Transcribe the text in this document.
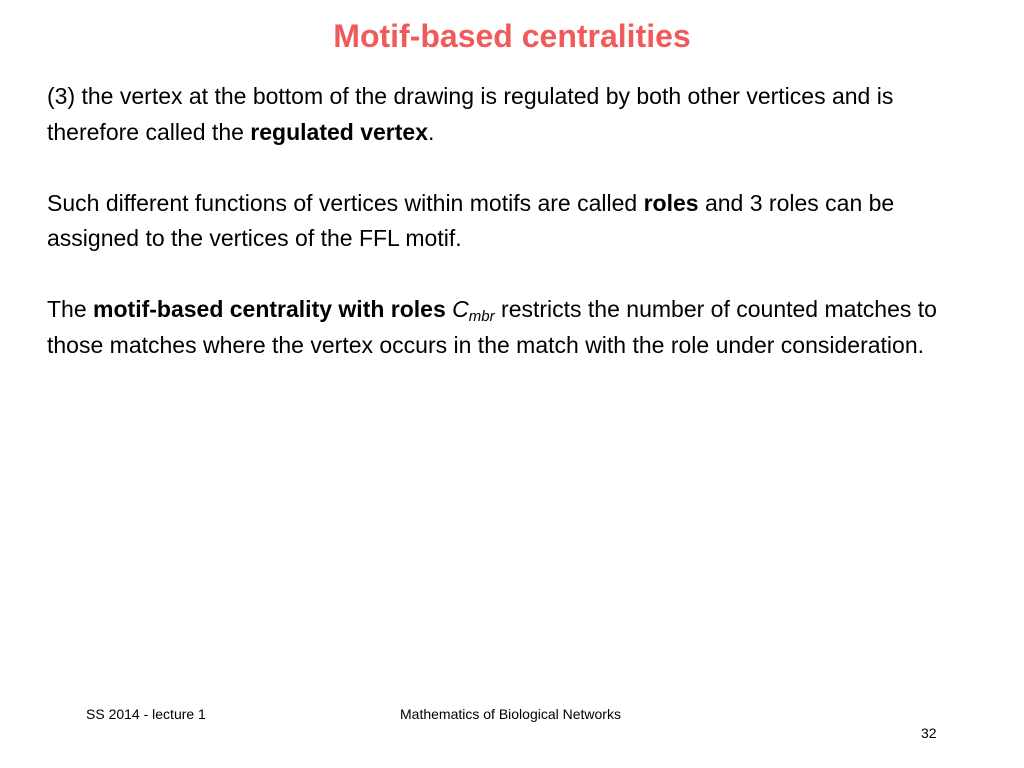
Motif-based centralities

(3) the vertex at the bottom of the drawing is regulated by both other vertices and is therefore called the regulated vertex.

Such different functions of vertices within motifs are called roles and 3 roles can be assigned to the vertices of the FFL motif.

The motif-based centrality with roles $C_{mbr}$ restricts the number of counted matches to those matches where the vertex occurs in the match with the role under consideration.

SS 2014 - lecture 1	Mathematics of Biological Networks
32
